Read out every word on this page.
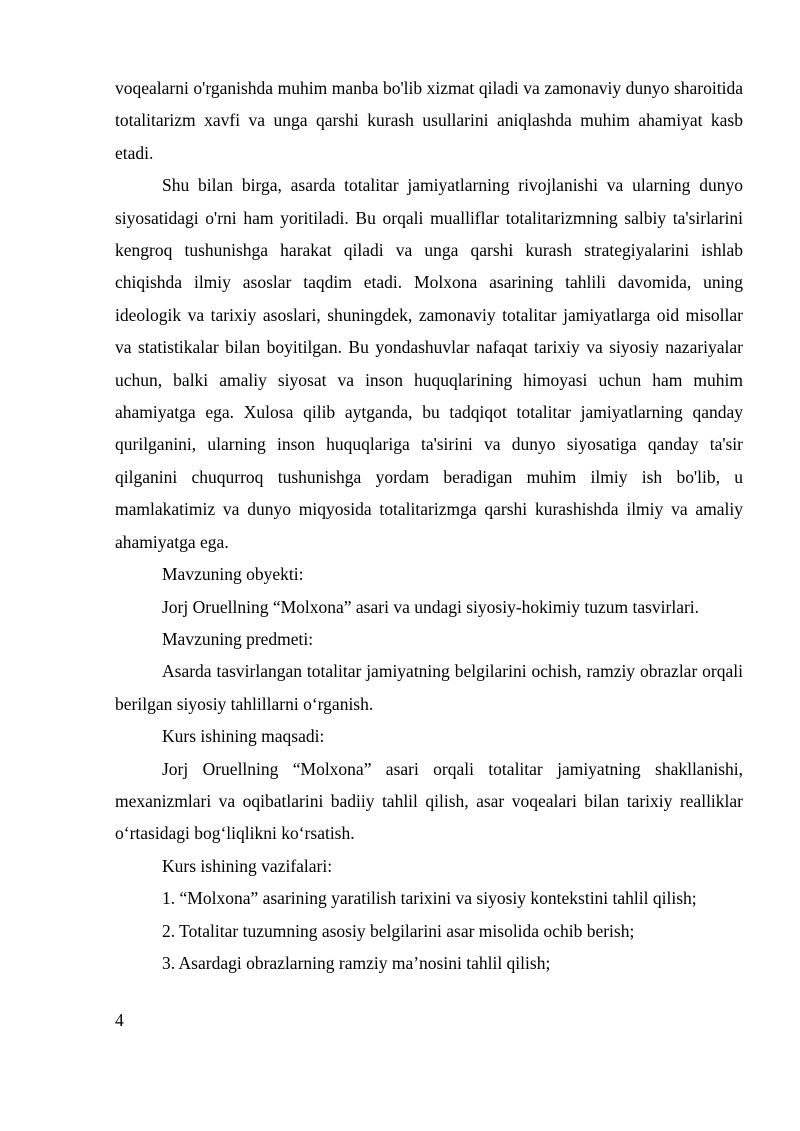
voqealarni o'rganishda muhim manba bo'lib xizmat qiladi va zamonaviy dunyo sharoitida totalitarizm xavfi va unga qarshi kurash usullarini aniqlashda muhim ahamiyat kasb etadi.

Shu bilan birga, asarda totalitar jamiyatlarning rivojlanishi va ularning dunyo siyosatidagi o'rni ham yoritiladi. Bu orqali mualliflar totalitarizmning salbiy ta'sirlarini kengroq tushunishga harakat qiladi va unga qarshi kurash strategiyalarini ishlab chiqishda ilmiy asoslar taqdim etadi. Molxona asarining tahlili davomida, uning ideologik va tarixiy asoslari, shuningdek, zamonaviy totalitar jamiyatlarga oid misollar va statistikalar bilan boyitilgan. Bu yondashuvlar nafaqat tarixiy va siyosiy nazariyalar uchun, balki amaliy siyosat va inson huquqlarining himoyasi uchun ham muhim ahamiyatga ega. Xulosa qilib aytganda, bu tadqiqot totalitar jamiyatlarning qanday qurilganini, ularning inson huquqlariga ta'sirini va dunyo siyosatiga qanday ta'sir qilganini chuqurroq tushunishga yordam beradigan muhim ilmiy ish bo'lib, u mamlakatimiz va dunyo miqyosida totalitarizmga qarshi kurashishda ilmiy va amaliy ahamiyatga ega.

Mavzuning obyekti:

Jorj Oruellning “Molxona” asari va undagi siyosiy-hokimiy tuzum tasvirlari.

Mavzuning predmeti:

Asarda tasvirlangan totalitar jamiyatning belgilarini ochish, ramziy obrazlar orqali berilgan siyosiy tahlillarni o‘rganish.

Kurs ishining maqsadi:

Jorj Oruellning “Molxona” asari orqali totalitar jamiyatning shakllanishi, mexanizmlari va oqibatlarini badiiy tahlil qilish, asar voqealari bilan tarixiy realliklar o‘rtasidagi bog‘liqlikni ko‘rsatish.

Kurs ishining vazifalari:

1. “Molxona” asarining yaratilish tarixini va siyosiy kontekstini tahlil qilish;

2. Totalitar tuzumning asosiy belgilarini asar misolida ochib berish;

3. Asardagi obrazlarning ramziy ma’nosini tahlil qilish;

4
